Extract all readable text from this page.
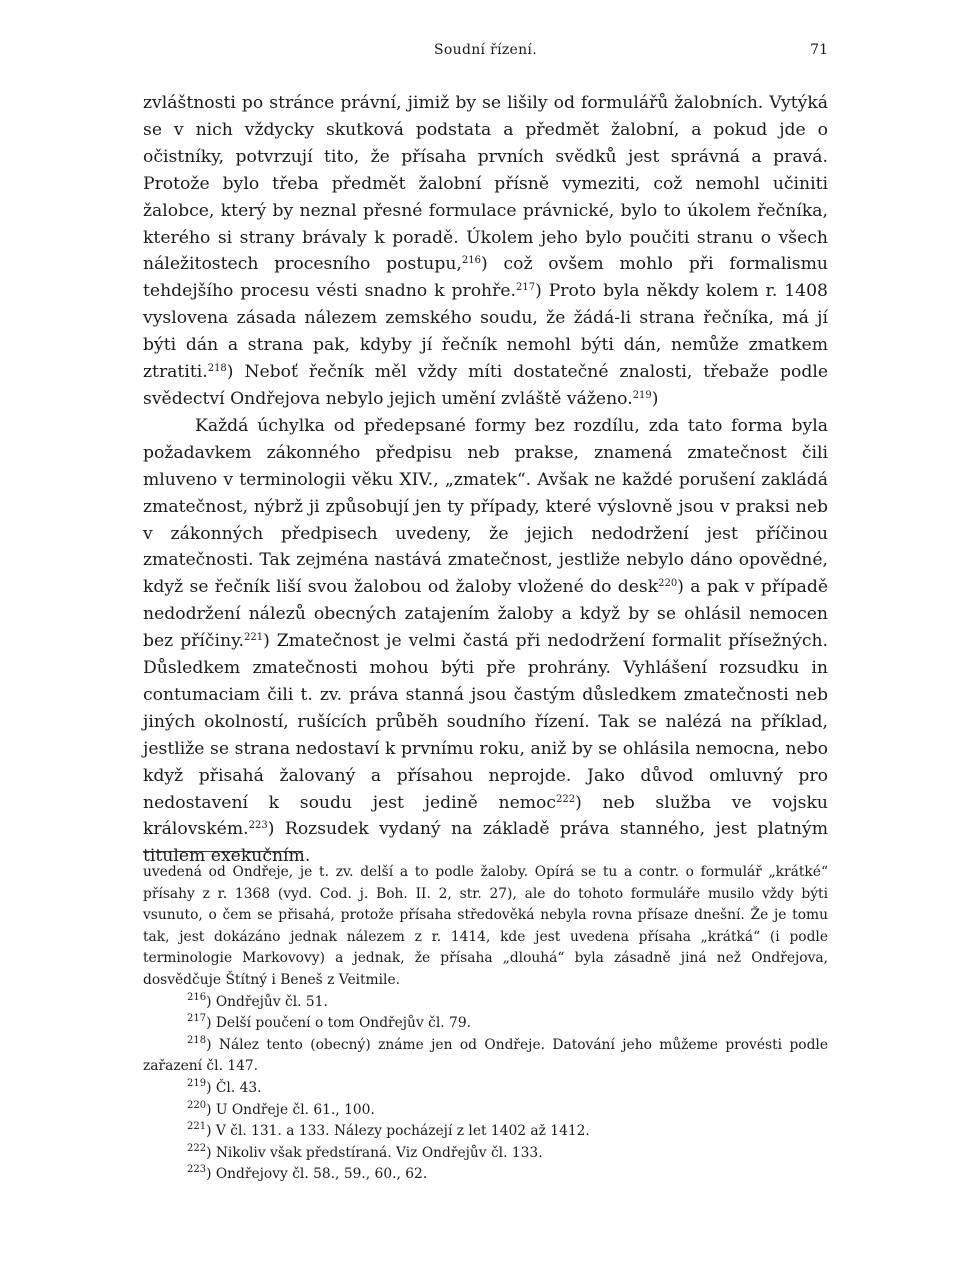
Soudní řízení.	71

zvláštnosti po stránce právní, jimiž by se lišily od formulářů žalobních. Vytýká se v nich vždycky skutková podstata a předmět žalobní, a pokud jde o očistníky, potvrzují tito, že přísaha prvních svědků jest správná a pravá. Protože bylo třeba předmět žalobní přísně vymeziti, což nemohl učiniti žalobce, který by neznal přesné formulace právnické, bylo to úkolem řečníka, kterého si strany brávaly k poradě. Úkolem jeho bylo poučiti stranu o všech náležitostech procesního postupu,$^{216}$) což ovšem mohlo při formalismu tehdejšího procesu vésti snadno k prohře.$^{217}$) Proto byla někdy kolem r. 1408 vyslovena zásada nálezem zemského soudu, že žádá-li strana řečníka, má jí býti dán a strana pak, kdyby jí řečník nemohl býti dán, nemůže zmatkem ztratiti.$^{218}$) Neboť řečník měl vždy míti dostatečné znalosti, třebaže podle svědectví Ondřejova nebylo jejich umění zvláště váženo.$^{219}$)

Každá úchylka od předepsané formy bez rozdílu, zda tato forma byla požadavkem zákonného předpisu neb prakse, znamená zmatečnost čili mluveno v terminologii věku XIV., „zmatek“. Avšak ne každé porušení zakládá zmatečnost, nýbrž ji způsobují jen ty případy, které výslovně jsou v praksi neb v zákonných předpisech uvedeny, že jejich nedodržení jest příčinou zmatečnosti. Tak zejména nastává zmatečnost, jestliže nebylo dáno opovědné, když se řečník liší svou žalobou od žaloby vložené do desk$^{220}$) a pak v případě nedodržení nálezů obecných zatajením žaloby a když by se ohlásil nemocen bez příčiny.$^{221}$) Zmatečnost je velmi častá při nedodržení formalit přísežných. Důsledkem zmatečnosti mohou býti pře prohrány. Vyhlášení rozsudku in contumaciam čili t. zv. práva stanná jsou častým důsledkem zmatečnosti neb jiných okolností, rušících průběh soudního řízení. Tak se nalézá na příklad, jestliže se strana nedostaví k prvnímu roku, aniž by se ohlásila nemocna, nebo když přisahá žalovaný a přísahou neprojde. Jako důvod omluvný pro nedostavení k soudu jest jedině nemoc$^{222}$) neb služba ve vojsku královském.$^{223}$) Rozsudek vydaný na základě práva stanného, jest platným titulem exekučním.

uvedená od Ondřeje, je t. zv. delší a to podle žaloby. Opírá se tu a contr. o formulář „krátké“ přísahy z r. 1368 (vyd. Cod. j. Boh. II. 2, str. 27), ale do tohoto formuláře musilo vždy býti vsunuto, o čem se přisahá, protože přísaha středověká nebyla rovna přísaze dnešní. Že je tomu tak, jest dokázáno jednak nálezem z r. 1414, kde jest uvedena přísaha „krátká“ (i podle terminologie Markovovy) a jednak, že přísaha „dlouhá“ byla zásadně jiná než Ondřejova, dosvědčuje Štítný i Beneš z Veitmile.

$^{216}$) Ondřejův čl. 51.

$^{217}$) Delší poučení o tom Ondřejův čl. 79.

$^{218}$) Nález tento (obecný) známe jen od Ondřeje. Datování jeho můžeme provésti podle zařazení čl. 147.

$^{219}$) Čl. 43.

$^{220}$) U Ondřeje čl. 61., 100.

$^{221}$) V čl. 131. a 133. Nálezy pocházejí z let 1402 až 1412.

$^{222}$) Nikoliv však předstíraná. Viz Ondřejův čl. 133.

$^{223}$) Ondřejovy čl. 58., 59., 60., 62.
